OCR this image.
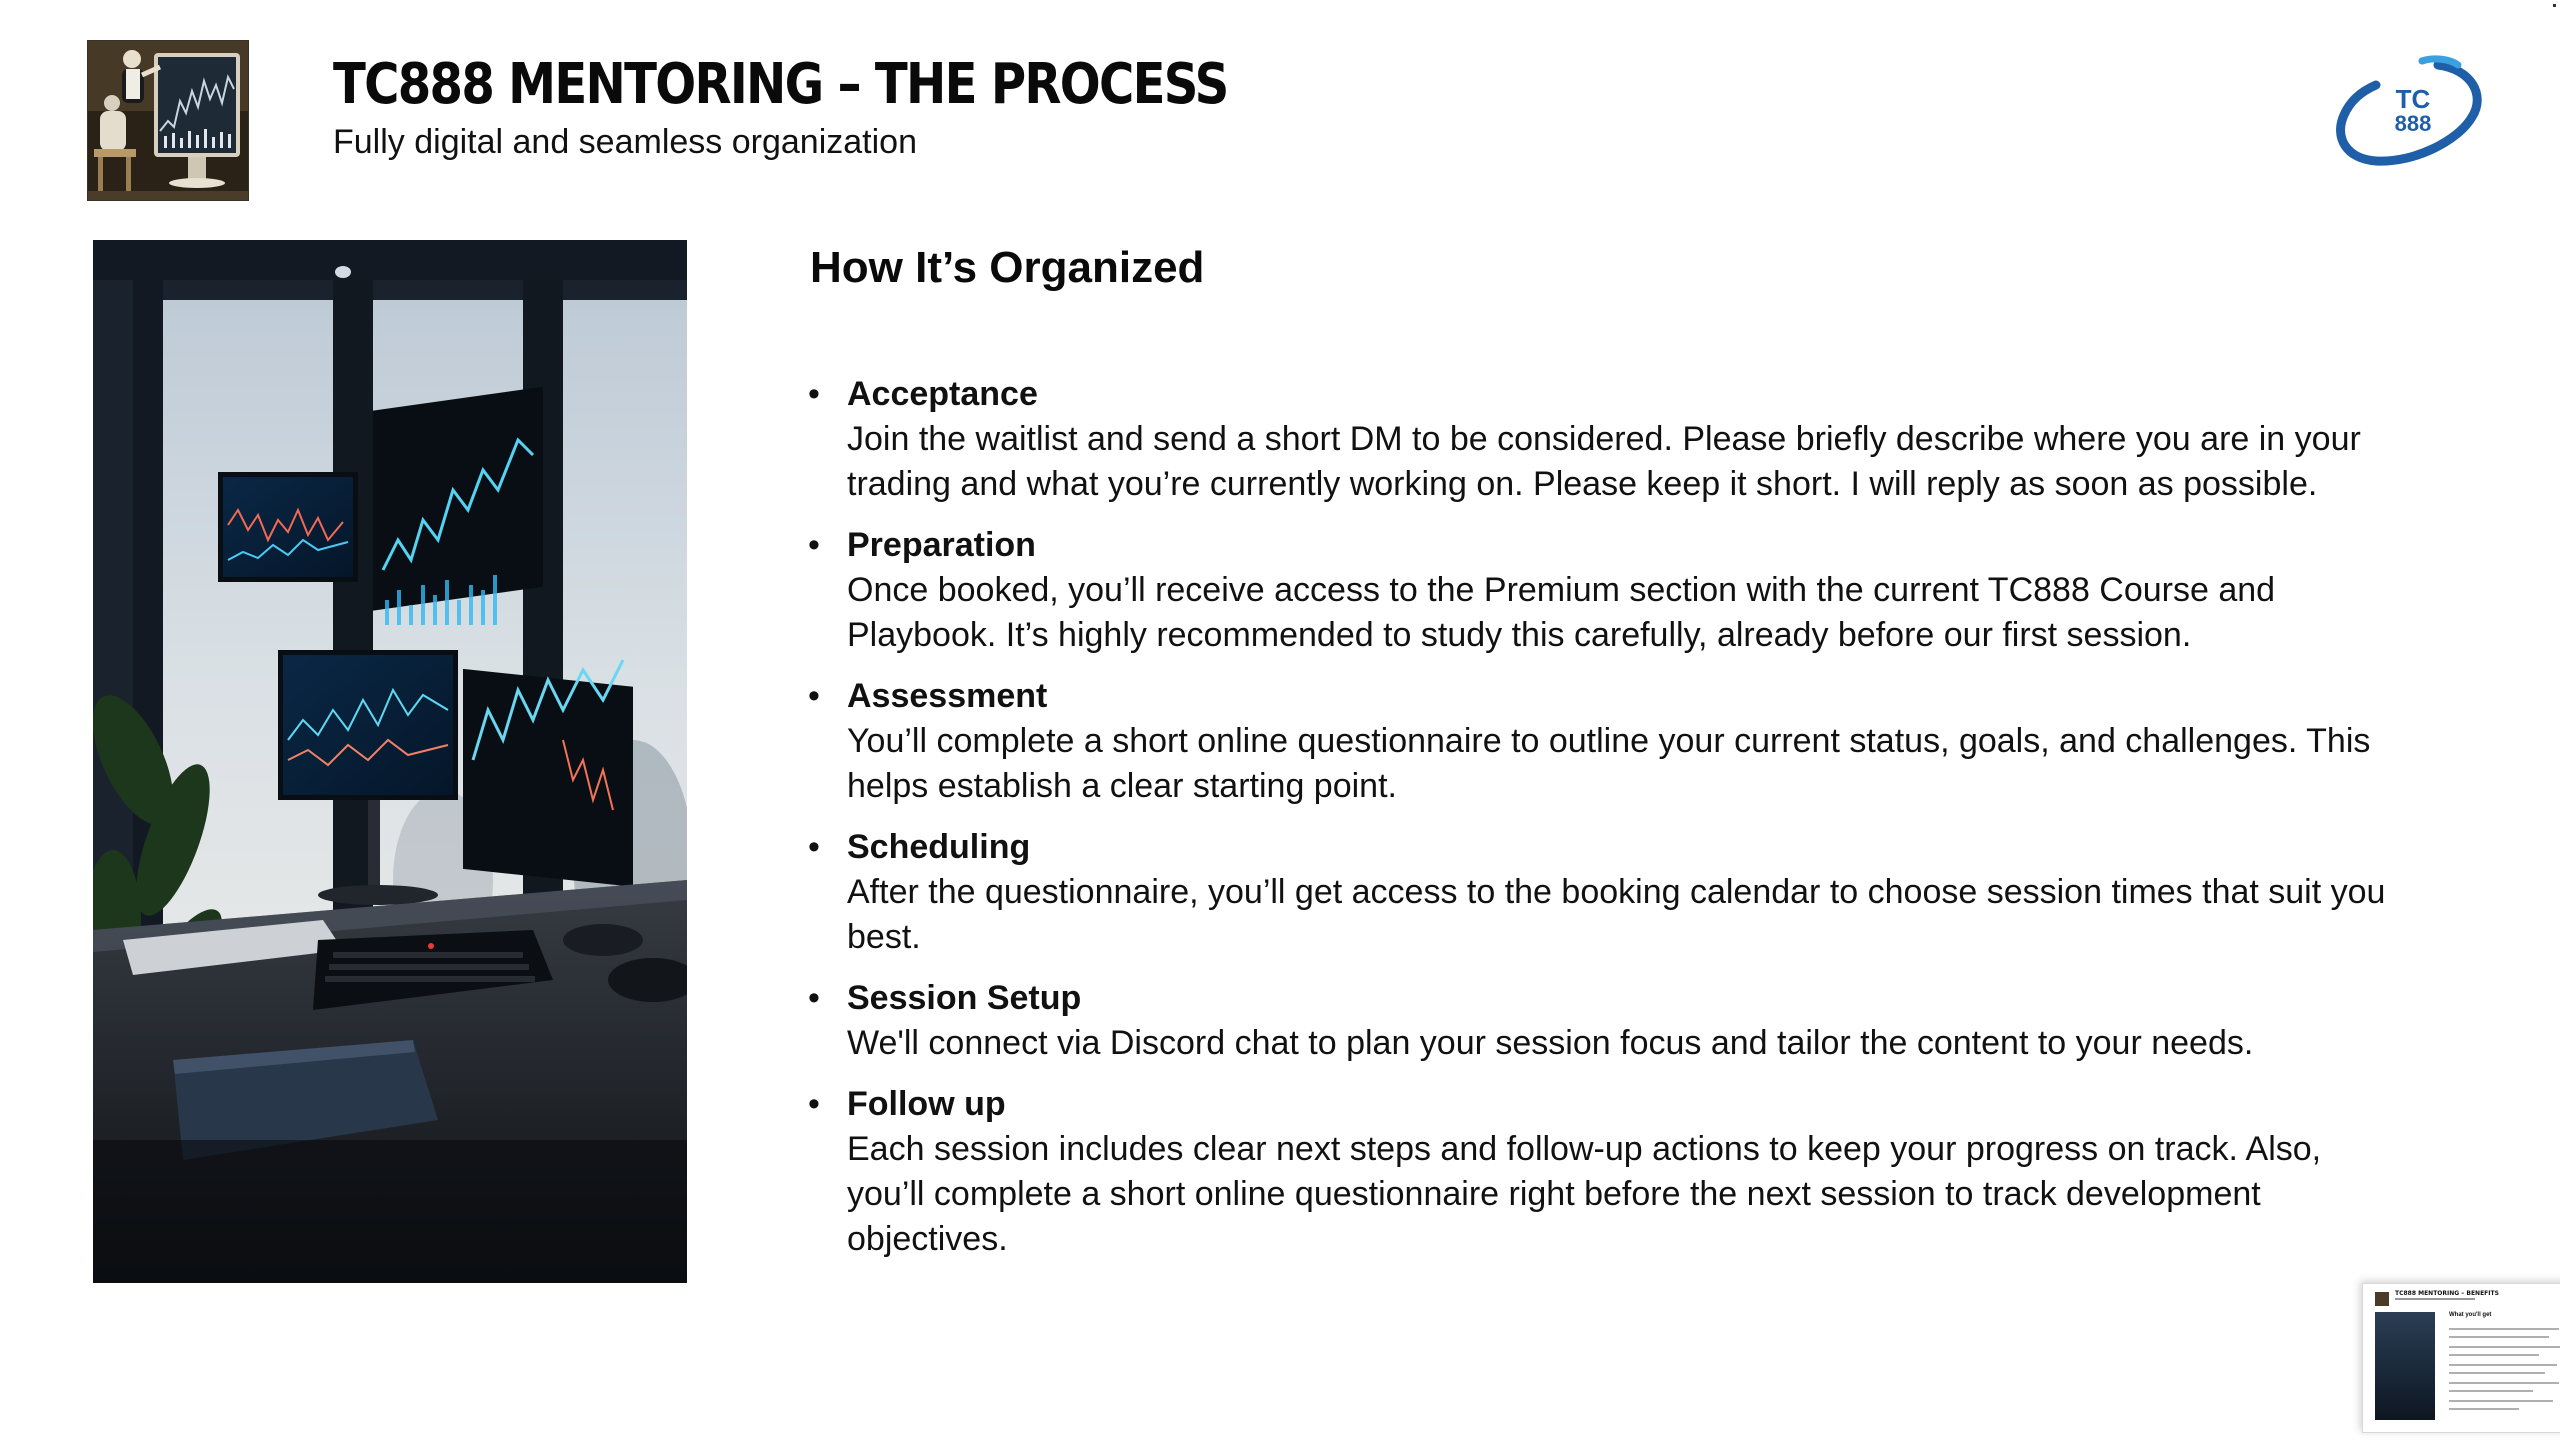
TC888 MENTORING – THE PROCESS
Fully digital and seamless organization
TC
888
How It’s Organized
• Acceptance
Join the waitlist and send a short DM to be considered. Please briefly describe where you are in your trading and what you’re currently working on. Please keep it short. I will reply as soon as possible.
• Preparation
Once booked, you’ll receive access to the Premium section with the current TC888 Course and Playbook. It’s highly recommended to study this carefully, already before our first session.
• Assessment
You’ll complete a short online questionnaire to outline your current status, goals, and challenges. This helps establish a clear starting point.
• Scheduling
After the questionnaire, you’ll get access to the booking calendar to choose session times that suit you best.
• Session Setup
We'll connect via Discord chat to plan your session focus and tailor the content to your needs.
• Follow up
Each session includes clear next steps and follow-up actions to keep your progress on track. Also, you’ll complete a short online questionnaire right before the next session to track development objectives.
TC888 MENTORING – BENEFITS
What you'll get
